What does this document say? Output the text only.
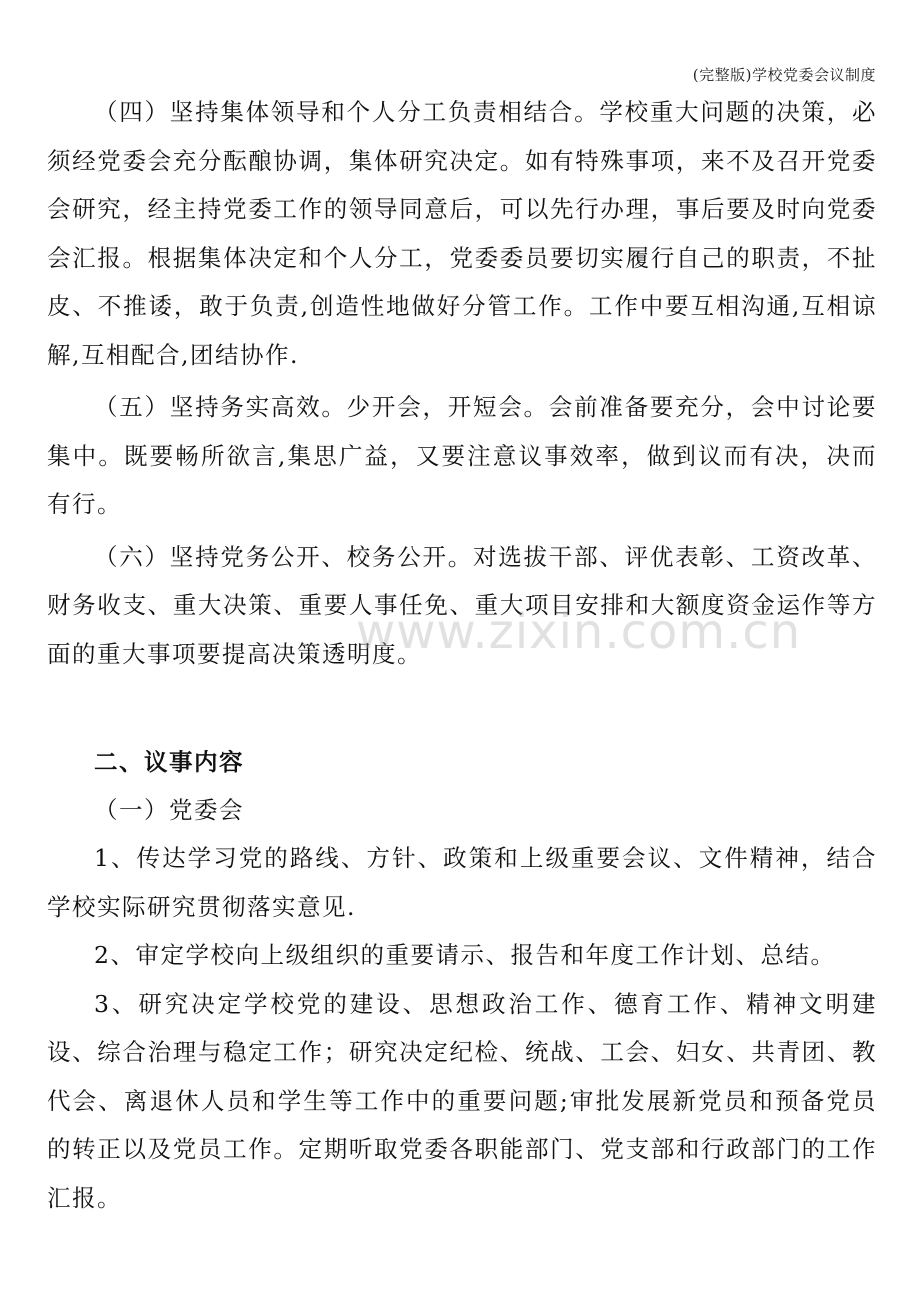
(完整版)学校党委会议制度

（四）坚持集体领导和个人分工负责相结合。学校重大问题的决策，必须经党委会充分酝酿协调，集体研究决定。如有特殊事项，来不及召开党委会研究，经主持党委工作的领导同意后，可以先行办理，事后要及时向党委会汇报。根据集体决定和个人分工，党委委员要切实履行自己的职责，不扯皮、不推诿，敢于负责,创造性地做好分管工作。工作中要互相沟通,互相谅解,互相配合,团结协作.

（五）坚持务实高效。少开会，开短会。会前准备要充分，会中讨论要集中。既要畅所欲言,集思广益，又要注意议事效率，做到议而有决，决而有行。

（六）坚持党务公开、校务公开。对选拔干部、评优表彰、工资改革、财务收支、重大决策、重要人事任免、重大项目安排和大额度资金运作等方面的重大事项要提高决策透明度。

二、议事内容

（一）党委会

1、传达学习党的路线、方针、政策和上级重要会议、文件精神，结合学校实际研究贯彻落实意见.

2、审定学校向上级组织的重要请示、报告和年度工作计划、总结。

3、研究决定学校党的建设、思想政治工作、德育工作、精神文明建设、综合治理与稳定工作；研究决定纪检、统战、工会、妇女、共青团、教代会、离退休人员和学生等工作中的重要问题;审批发展新党员和预备党员的转正以及党员工作。定期听取党委各职能部门、党支部和行政部门的工作汇报。

www.zixin.com.cn
